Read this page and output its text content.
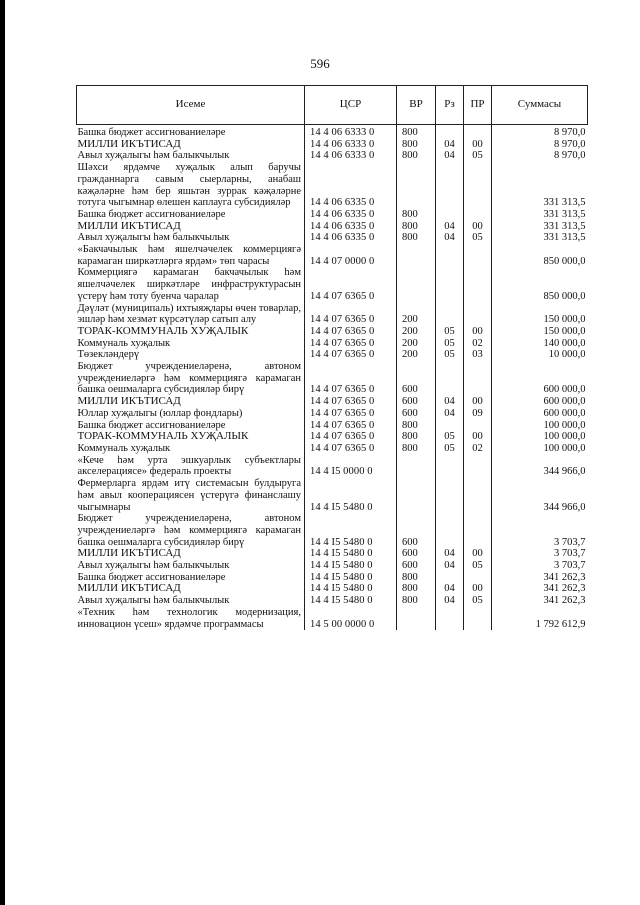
596
Исеме	ЦСР	ВР	Рз	ПР	Суммасы
Башка бюджет ассигнованиеләре	14 4 06 6333 0	800			8 970,0
МИЛЛИ ИКЪТИСАД	14 4 06 6333 0	800	04	00	8 970,0
Авыл хуҗалыгы һәм балыкчылык	14 4 06 6333 0	800	04	05	8 970,0
Шәхси ярдәмче хуҗалык алып баручы гражданнарга савым сыерларны, анабаш кәҗәләрне һәм бер яшьтән зуррак кәҗәләрне тотуга чыгымнар өлешен каплауга субсидияләр	14 4 06 6335 0				331 313,5
Башка бюджет ассигнованиеләре	14 4 06 6335 0	800			331 313,5
МИЛЛИ ИКЪТИСАД	14 4 06 6335 0	800	04	00	331 313,5
Авыл хуҗалыгы һәм балыкчылык	14 4 06 6335 0	800	04	05	331 313,5
«Бакчачылык һәм яшелчәчелек коммерциягә карамаган ширкәтләргә ярдәм» төп чарасы	14 4 07 0000 0				850 000,0
Коммерциягә карамаган бакчачылык һәм яшелчәчелек ширкәтләре инфраструктурасын үстерү һәм тоту буенча чаралар	14 4 07 6365 0				850 000,0
Дәүләт (муниципаль) ихтыяҗлары өчен товарлар, эшләр һәм хезмәт күрсәтүләр сатып алу	14 4 07 6365 0	200			150 000,0
ТОРАК-КОММУНАЛЬ ХУҖАЛЫК	14 4 07 6365 0	200	05	00	150 000,0
Коммуналь хуҗалык	14 4 07 6365 0	200	05	02	140 000,0
Төзекләндерү	14 4 07 6365 0	200	05	03	10 000,0
Бюджет учреждениеләренә, автоном учреждениеләргә һәм коммерциягә карамаган башка оешмаларга субсидияләр бирү	14 4 07 6365 0	600			600 000,0
МИЛЛИ ИКЪТИСАД	14 4 07 6365 0	600	04	00	600 000,0
Юллар хуҗалыгы (юллар фондлары)	14 4 07 6365 0	600	04	09	600 000,0
Башка бюджет ассигнованиеләре	14 4 07 6365 0	800			100 000,0
ТОРАК-КОММУНАЛЬ ХУҖАЛЫК	14 4 07 6365 0	800	05	00	100 000,0
Коммуналь хуҗалык	14 4 07 6365 0	800	05	02	100 000,0
«Кече һәм урта эшкуарлык субъектлары акселерациясе» федераль проекты	14 4 I5 0000 0				344 966,0
Фермерларга ярдәм итү системасын булдыруга һәм авыл кооперациясен үстерүгә финанслашу чыгымнары	14 4 I5 5480 0				344 966,0
Бюджет учреждениеләренә, автоном учреждениеләргә һәм коммерциягә карамаган башка оешмаларга субсидияләр бирү	14 4 I5 5480 0	600			3 703,7
МИЛЛИ ИКЪТИСАД	14 4 I5 5480 0	600	04	00	3 703,7
Авыл хуҗалыгы һәм балыкчылык	14 4 I5 5480 0	600	04	05	3 703,7
Башка бюджет ассигнованиеләре	14 4 I5 5480 0	800			341 262,3
МИЛЛИ ИКЪТИСАД	14 4 I5 5480 0	800	04	00	341 262,3
Авыл хуҗалыгы һәм балыкчылык	14 4 I5 5480 0	800	04	05	341 262,3
«Техник һәм технологик модернизация, инновацион үсеш» ярдәмче программасы	14 5 00 0000 0				1 792 612,9
